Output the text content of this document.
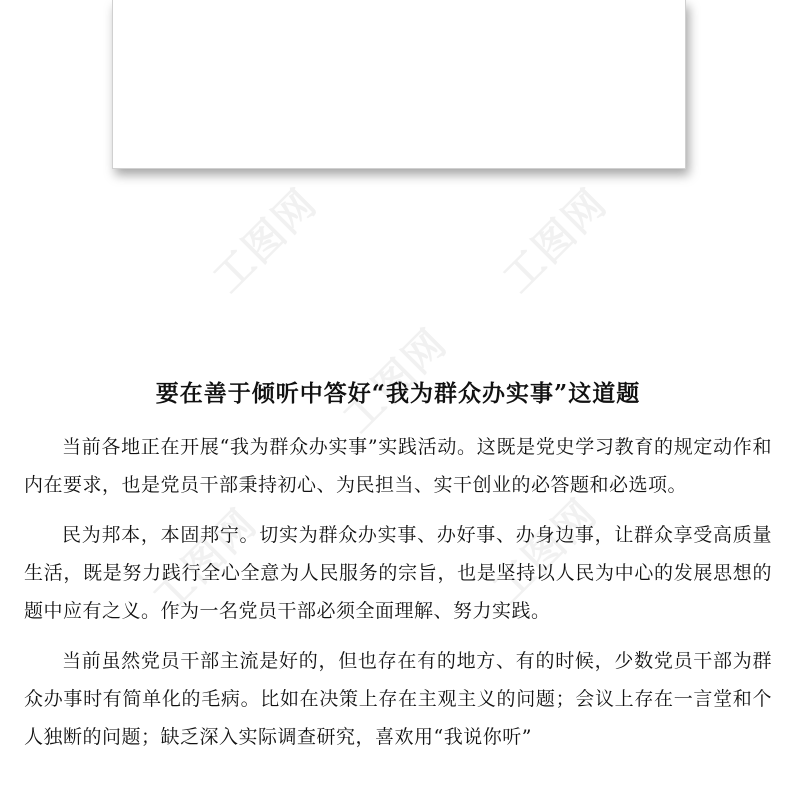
工图网	工图网
工图网
工图网	工图网
要在善于倾听中答好“我为群众办实事”这道题

当前各地正在开展“我为群众办实事”实践活动。这既是党史学习教育的规定动作和内在要求，也是党员干部秉持初心、为民担当、实干创业的必答题和必选项。

民为邦本，本固邦宁。切实为群众办实事、办好事、办身边事，让群众享受高质量生活，既是努力践行全心全意为人民服务的宗旨，也是坚持以人民为中心的发展思想的题中应有之义。作为一名党员干部必须全面理解、努力实践。

当前虽然党员干部主流是好的，但也存在有的地方、有的时候，少数党员干部为群众办事时有简单化的毛病。比如在决策上存在主观主义的问题；会议上存在一言堂和个人独断的问题；缺乏深入实际调查研究，喜欢用“我说你听”
